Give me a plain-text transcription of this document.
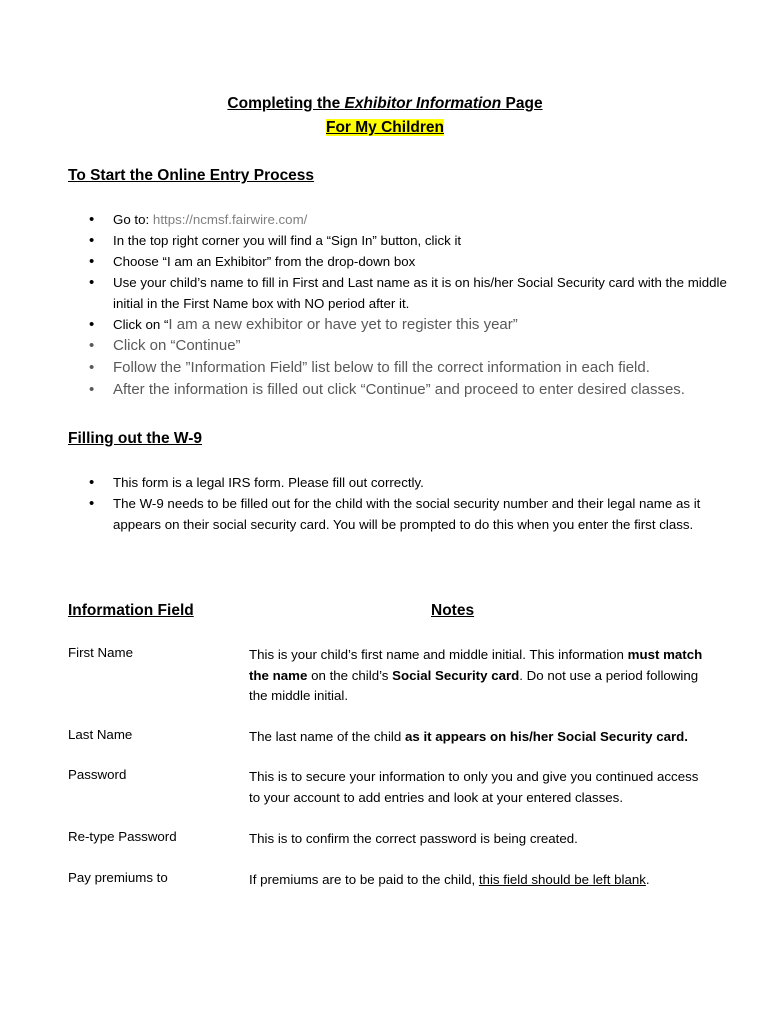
Completing the Exhibitor Information Page
For My Children
To Start the Online Entry Process
• Go to: https://ncmsf.fairwire.com/
• In the top right corner you will find a “Sign In” button, click it
• Choose “I am an Exhibitor” from the drop-down box
• Use your child’s name to fill in First and Last name as it is on his/her Social Security card with the middle initial in the First Name box with NO period after it.
• Click on “I am a new exhibitor or have yet to register this year”
• Click on “Continue”
• Follow the ”Information Field” list below to fill the correct information in each field.
• After the information is filled out click “Continue” and proceed to enter desired classes.
Filling out the W-9
• This form is a legal IRS form. Please fill out correctly.
• The W-9 needs to be filled out for the child with the social security number and their legal name as it appears on their social security card. You will be prompted to do this when you enter the first class.
Information Field	Notes
First Name	This is your child’s first name and middle initial. This information must match the name on the child’s Social Security card. Do not use a period following the middle initial.
Last Name	The last name of the child as it appears on his/her Social Security card.
Password	This is to secure your information to only you and give you continued access to your account to add entries and look at your entered classes.
Re-type Password	This is to confirm the correct password is being created.
Pay premiums to	If premiums are to be paid to the child, this field should be left blank.
